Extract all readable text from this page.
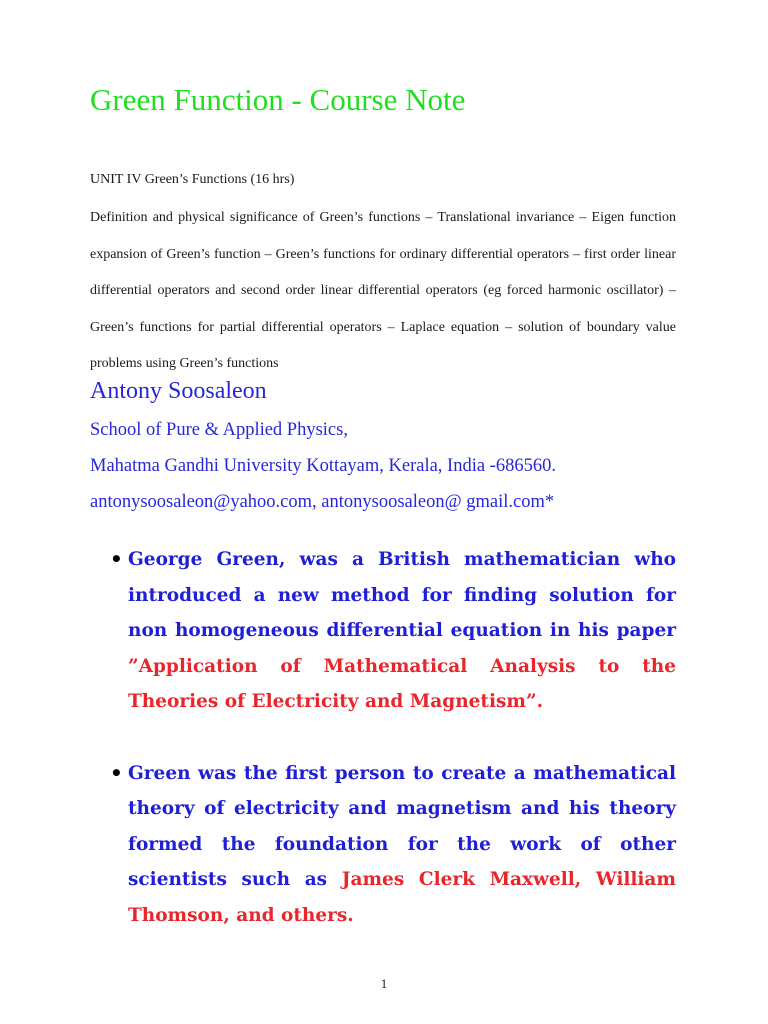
Green Function - Course Note
UNIT IV Green’s Functions (16 hrs)

Definition and physical significance of Green’s functions – Translational invariance – Eigen function expansion of Green’s function – Green’s functions for ordinary differential operators – first order linear differential operators and second order linear differential operators (eg forced harmonic oscillator) – Green’s functions for partial differential operators – Laplace equation – solution of boundary value problems using Green’s functions

Antony Soosaleon
School of Pure & Applied Physics,
Mahatma Gandhi University Kottayam, Kerala, India -686560.
antonysoosaleon@yahoo.com, antonysoosaleon@ gmail.com*
• George Green, was a British mathematician who introduced a new method for finding solution for non homogeneous differential equation in his paper ”Application of Mathematical Analysis to the Theories of Electricity and Magnetism”.
• Green was the first person to create a mathematical theory of electricity and magnetism and his theory formed the foundation for the work of other scientists such as James Clerk Maxwell, William Thomson, and others.
1
